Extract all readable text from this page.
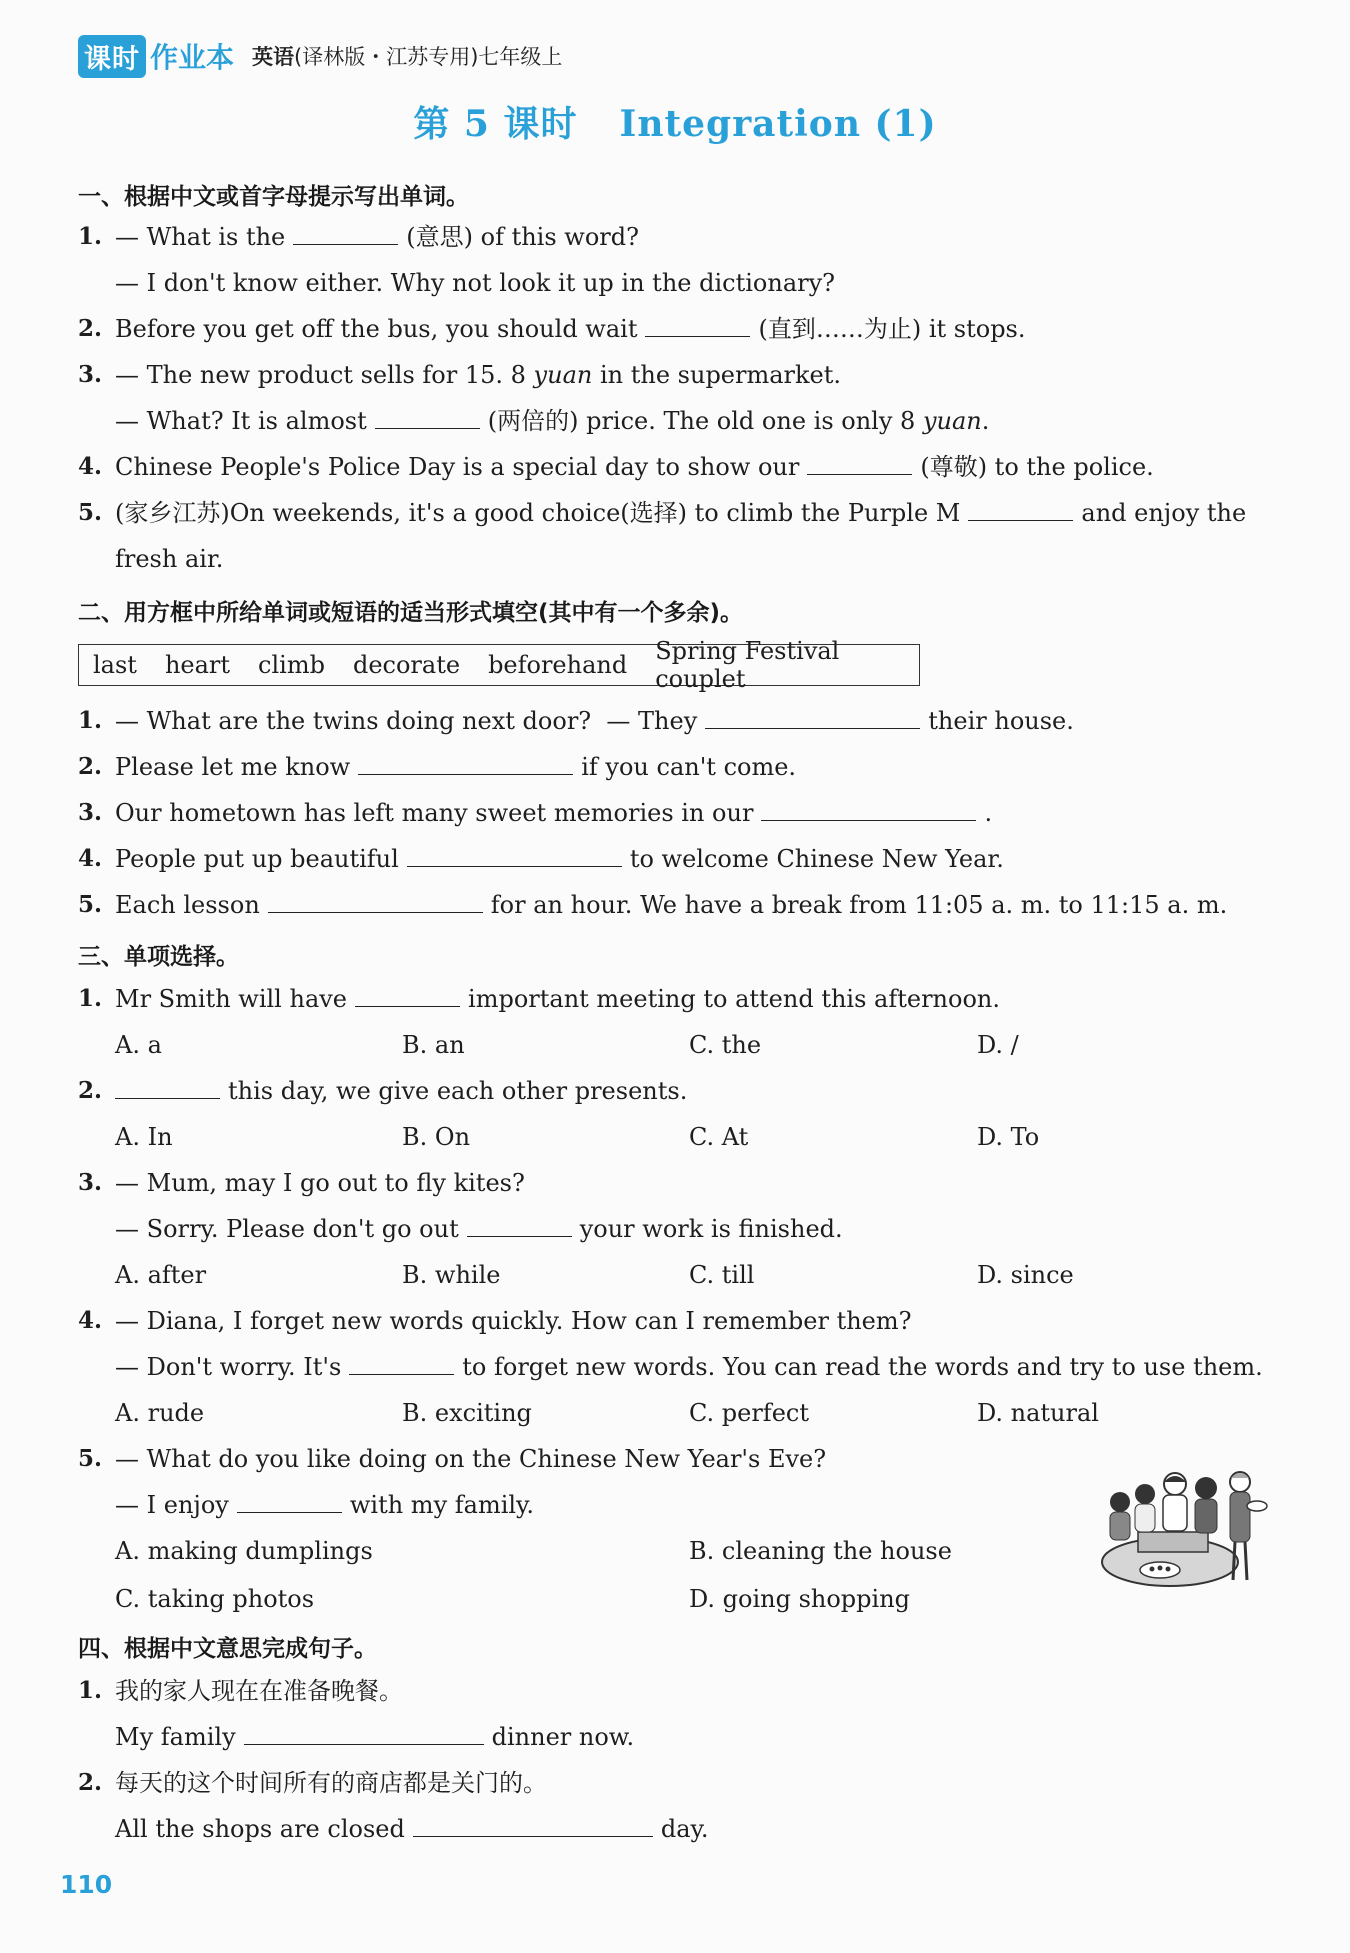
课时 作业本 英语(译林版・江苏专用)七年级上
第 5 课时 Integration (1)
一、根据中文或首字母提示写出单词。
1. — What is the	(意思) of this word?
— I don't know either. Why not look it up in the dictionary?
2. Before you get off the bus, you should wait	(直到……为止) it stops.
3. — The new product sells for 15. 8 yuan in the supermarket.
— What? It is almost	(两倍的) price. The old one is only 8 yuan.
4. Chinese People's Police Day is a special day to show our	(尊敬) to the police.
5. (家乡江苏)On weekends, it's a good choice(选择) to climb the Purple M	and enjoy the
fresh air.
二、用方框中所给单词或短语的适当形式填空(其中有一个多余)。
last heart climb decorate beforehand Spring Festival couplet
1. — What are the twins doing next door? — They	their house.
2. Please let me know	if you can't come.
3. Our hometown has left many sweet memories in our	.
4. People put up beautiful	to welcome Chinese New Year.
5. Each lesson	for an hour. We have a break from 11:05 a. m. to 11:15 a. m.
三、单项选择。
1. Mr Smith will have	important meeting to attend this afternoon.
A. a	B. an	C. the	D. /
2.	this day, we give each other presents.
A. In	B. On	C. At	D. To
3. — Mum, may I go out to fly kites?
— Sorry. Please don't go out	your work is finished.
A. after	B. while	C. till	D. since
4. — Diana, I forget new words quickly. How can I remember them?
— Don't worry. It's	to forget new words. You can read the words and try to use them.
A. rude	B. exciting	C. perfect	D. natural
5. — What do you like doing on the Chinese New Year's Eve?
— I enjoy	with my family.
A. making dumplings	B. cleaning the house
C. taking photos	D. going shopping
四、根据中文意思完成句子。
1. 我的家人现在在准备晚餐。
My family	dinner now.
2. 每天的这个时间所有的商店都是关门的。
All the shops are closed	day.
110
